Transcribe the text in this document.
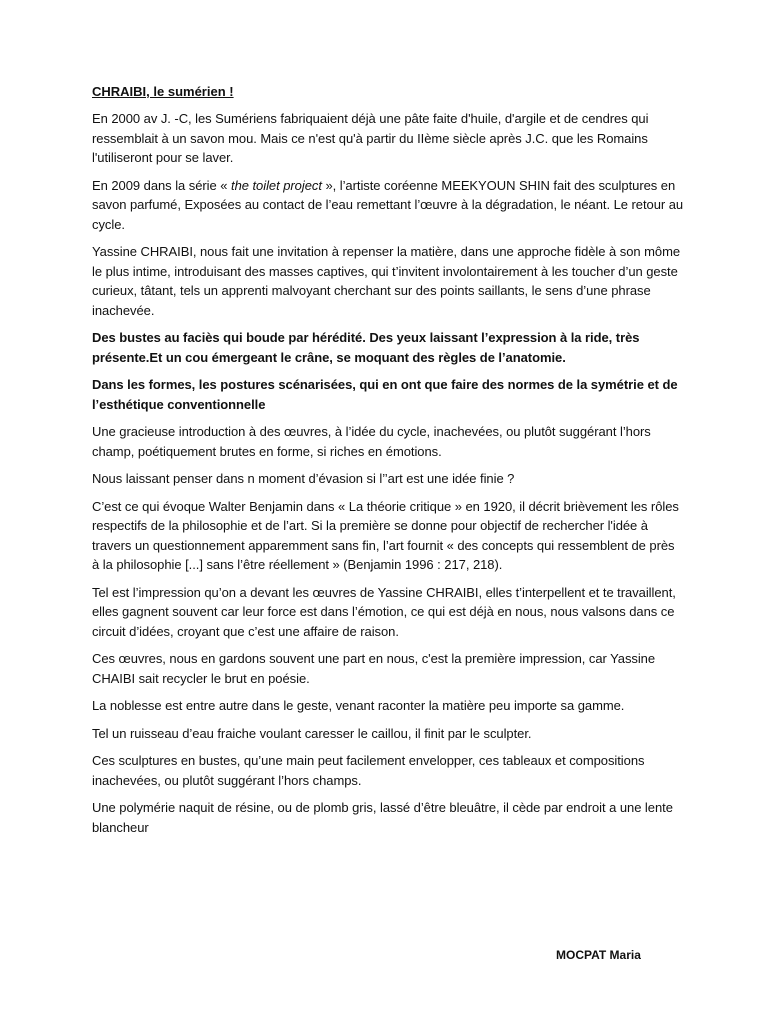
CHRAIBI, le sumérien !

En 2000 av J. -C, les Sumériens fabriquaient déjà une pâte faite d'huile, d'argile et de cendres qui ressemblait à un savon mou. Mais ce n'est qu'à partir du IIème siècle après J.C. que les Romains l'utiliseront pour se laver.

En 2009 dans la série « the toilet project », l’artiste coréenne MEEKYOUN SHIN fait des sculptures en savon parfumé, Exposées au contact de l’eau remettant l’œuvre à la dégradation, le néant. Le retour au cycle.

Yassine CHRAIBI, nous fait une invitation à repenser la matière, dans une approche fidèle à son môme le plus intime, introduisant des masses captives, qui t’invitent involontairement à les toucher d’un geste curieux, tâtant, tels un apprenti malvoyant cherchant sur des points saillants, le sens d’une phrase inachevée.

Des bustes au faciès qui boude par hérédité. Des yeux laissant l’expression à la ride, très présente.Et un cou émergeant le crâne, se moquant des règles de l’anatomie.

Dans les formes, les postures scénarisées, qui en ont que faire des normes de la symétrie et de l’esthétique conventionnelle

Une gracieuse introduction à des œuvres, à l’idée du cycle, inachevées, ou plutôt suggérant l’hors champ, poétiquement brutes en forme, si riches en émotions.

Nous laissant penser dans n moment d’évasion si l’’art est une idée finie ?

C’est ce qui évoque Walter Benjamin dans « La théorie critique » en 1920, il décrit brièvement les rôles respectifs de la philosophie et de l’art. Si la première se donne pour objectif de rechercher l'idée à travers un questionnement apparemment sans fin, l’art fournit « des concepts qui ressemblent de près à la philosophie [...] sans l’être réellement » (Benjamin 1996 : 217, 218).

Tel est l’impression qu’on a devant les œuvres de Yassine CHRAIBI, elles t’interpellent et te travaillent, elles gagnent souvent car leur force est dans l’émotion, ce qui est déjà en nous, nous valsons dans ce circuit d’idées, croyant que c’est une affaire de raison.

Ces œuvres, nous en gardons souvent une part en nous, c'est la première impression, car Yassine CHAIBI sait recycler le brut en poésie.

La noblesse est entre autre dans le geste, venant raconter la matière peu importe sa gamme.

Tel un ruisseau d’eau fraiche voulant caresser le caillou, il finit par le sculpter.

Ces sculptures en bustes, qu’une main peut facilement envelopper, ces tableaux et compositions inachevées, ou plutôt suggérant l’hors champs.

Une polymérie naquit de résine, ou de plomb gris, lassé d’être bleuâtre, il cède par endroit a une lente blancheur

MOCPAT Maria
